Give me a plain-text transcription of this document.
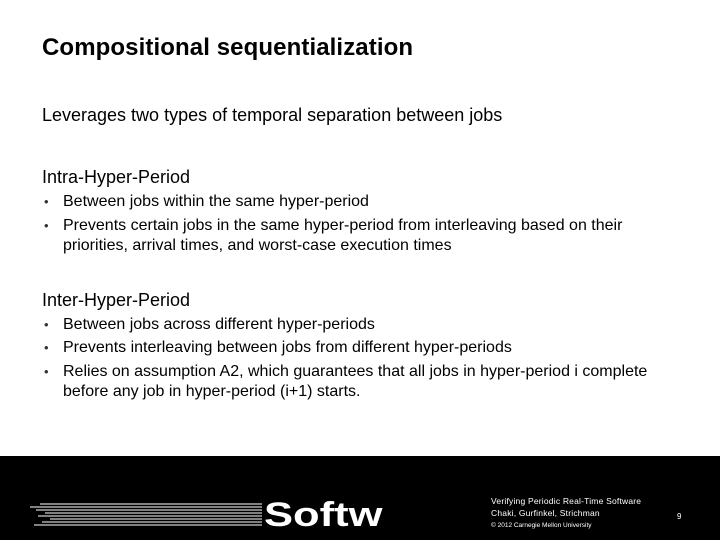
Compositional sequentialization

Leverages two types of temporal separation between jobs

Intra-Hyper-Period

• Between jobs within the same hyper-period
• Prevents certain jobs in the same hyper-period from interleaving based on their priorities, arrival times, and worst-case execution times

Inter-Hyper-Period

• Between jobs across different hyper-periods
• Prevents interleaving between jobs from different hyper-periods
• Relies on assumption A2, which guarantees that all jobs in hyper-period i complete before any job in hyper-period (i+1) starts.
Softw	Verifying Periodic Real-Time Software
Chaki, Gurfinkel, Strichman
© 2012 Carnegie Mellon University
9
